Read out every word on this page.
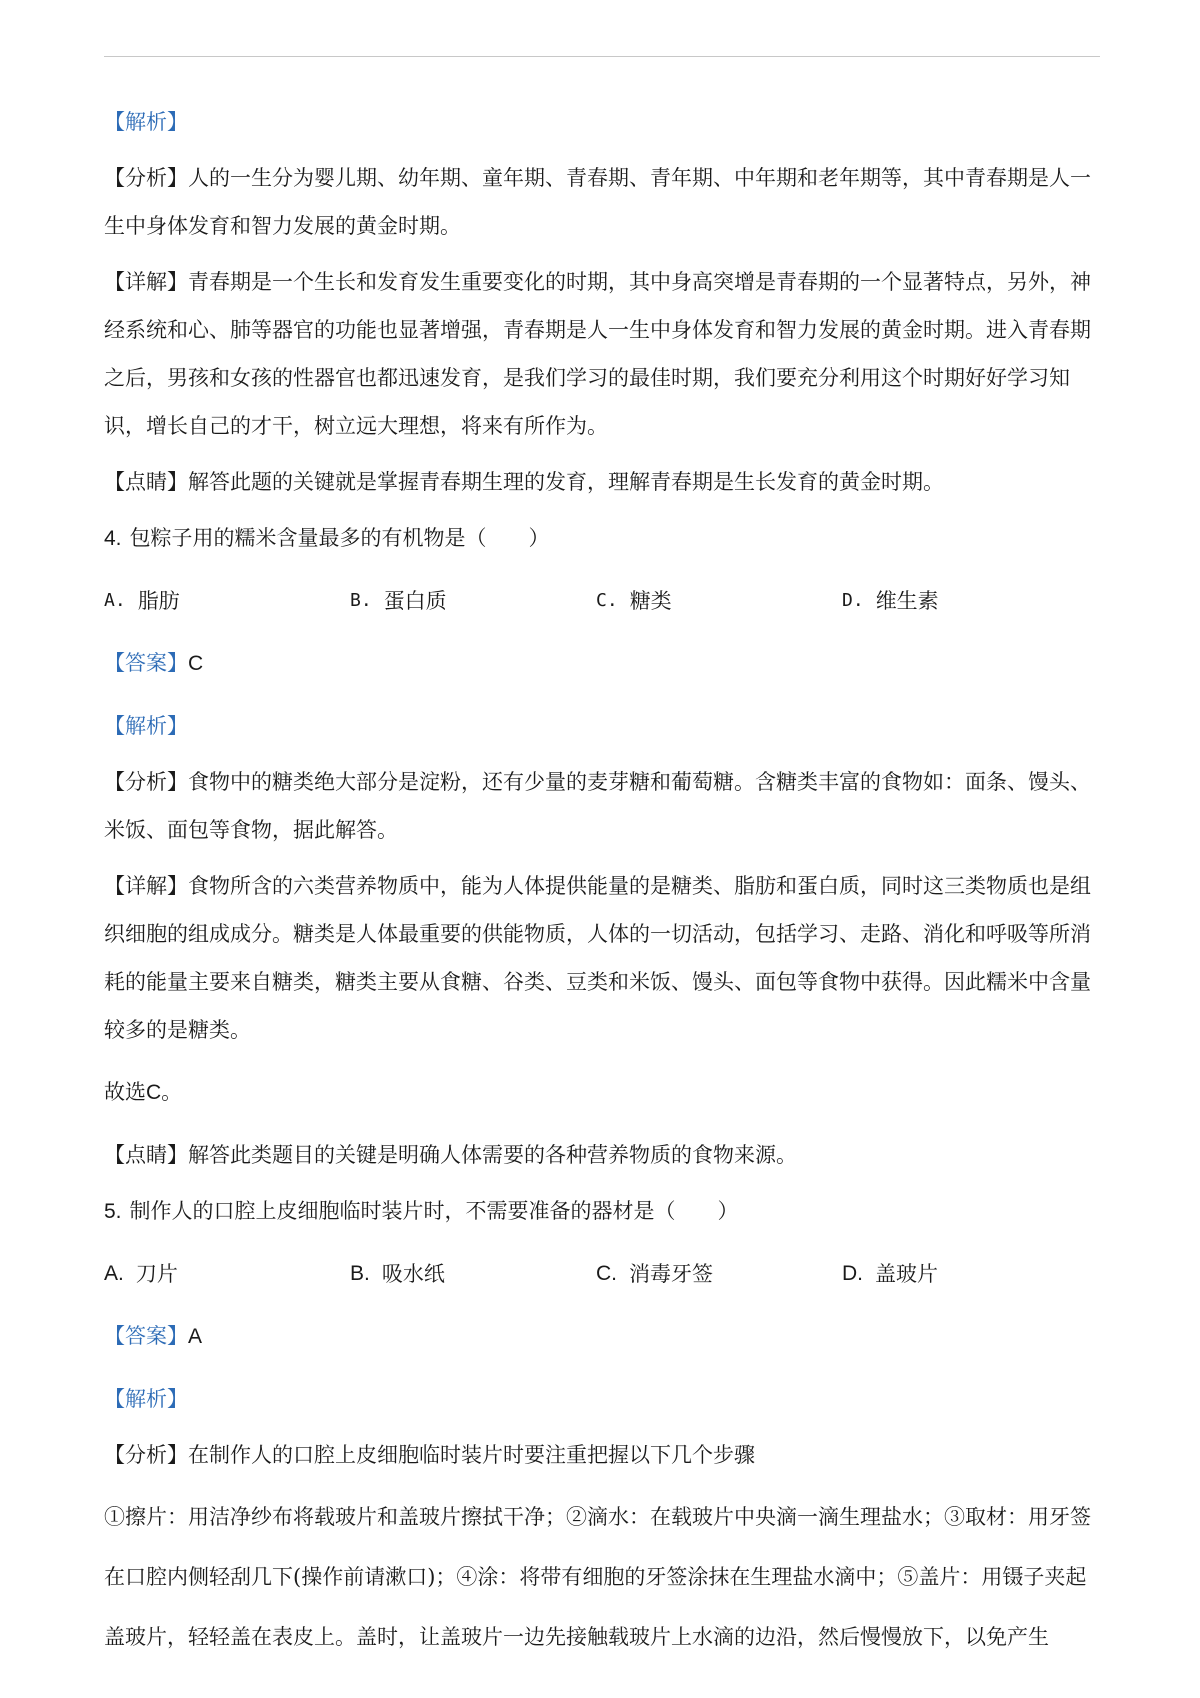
【解析】

【分析】人的一生分为婴儿期、幼年期、童年期、青春期、青年期、中年期和老年期等，其中青春期是人一生中身体发育和智力发展的黄金时期。

【详解】青春期是一个生长和发育发生重要变化的时期，其中身高突增是青春期的一个显著特点，另外，神经系统和心、肺等器官的功能也显著增强，青春期是人一生中身体发育和智力发展的黄金时期。进入青春期之后，男孩和女孩的性器官也都迅速发育，是我们学习的最佳时期，我们要充分利用这个时期好好学习知识，增长自己的才干，树立远大理想，将来有所作为。

【点睛】解答此题的关键就是掌握青春期生理的发育，理解青春期是生长发育的黄金时期。

4. 包粽子用的糯米含量最多的有机物是（　　）

A. 脂肪	B. 蛋白质	C. 糖类	D. 维生素

【答案】C

【解析】

【分析】食物中的糖类绝大部分是淀粉，还有少量的麦芽糖和葡萄糖。含糖类丰富的食物如：面条、馒头、米饭、面包等食物，据此解答。

【详解】食物所含的六类营养物质中，能为人体提供能量的是糖类、脂肪和蛋白质，同时这三类物质也是组织细胞的组成成分。糖类是人体最重要的供能物质，人体的一切活动，包括学习、走路、消化和呼吸等所消耗的能量主要来自糖类，糖类主要从食糖、谷类、豆类和米饭、馒头、面包等食物中获得。因此糯米中含量较多的是糖类。

故选C。

【点睛】解答此类题目的关键是明确人体需要的各种营养物质的食物来源。

5. 制作人的口腔上皮细胞临时装片时，不需要准备的器材是（　　）

A. 刀片	B. 吸水纸	C. 消毒牙签	D. 盖玻片

【答案】A

【解析】

【分析】在制作人的口腔上皮细胞临时装片时要注重把握以下几个步骤

①擦片：用洁净纱布将载玻片和盖玻片擦拭干净；②滴水：在载玻片中央滴一滴生理盐水；③取材：用牙签在口腔内侧轻刮几下(操作前请漱口)；④涂：将带有细胞的牙签涂抹在生理盐水滴中；⑤盖片：用镊子夹起盖玻片，轻轻盖在表皮上。盖时，让盖玻片一边先接触载玻片上水滴的边沿，然后慢慢放下，以免产生
